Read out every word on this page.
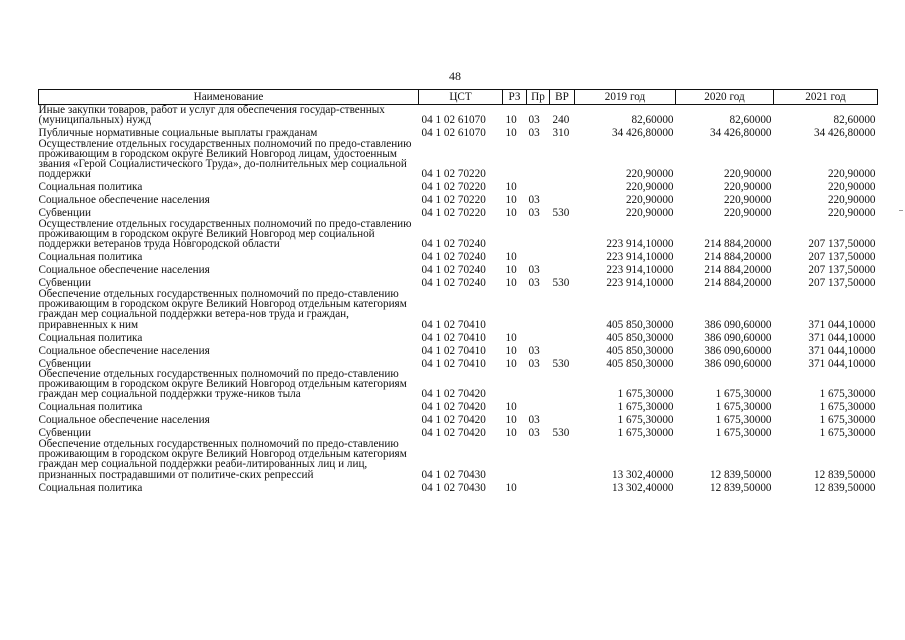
48
Наименование	ЦСТ	РЗ	Пр	ВР	2019 год	2020 год	2021 год
Иные закупки товаров, работ и услуг для обеспечения государ-ственных (муниципальных) нужд	04 1 02 61070	10	03	240	82,60000	82,60000	82,60000
Публичные нормативные социальные выплаты гражданам	04 1 02 61070	10	03	310	34 426,80000	34 426,80000	34 426,80000
Осуществление отдельных государственных полномочий по предо-ставлению проживающим в городском округе Великий Новгород лицам, удостоенным звания «Герой Социалистического Труда», до-полнительных мер социальной поддержки	04 1 02 70220				220,90000	220,90000	220,90000
Социальная политика	04 1 02 70220	10			220,90000	220,90000	220,90000
Социальное обеспечение населения	04 1 02 70220	10	03		220,90000	220,90000	220,90000
Субвенции	04 1 02 70220	10	03	530	220,90000	220,90000	220,90000
Осуществление отдельных государственных полномочий по предо-ставлению проживающим в городском округе Великий Новгород мер социальной поддержки ветеранов труда Новгородской области	04 1 02 70240				223 914,10000	214 884,20000	207 137,50000
Социальная политика	04 1 02 70240	10			223 914,10000	214 884,20000	207 137,50000
Социальное обеспечение населения	04 1 02 70240	10	03		223 914,10000	214 884,20000	207 137,50000
Субвенции	04 1 02 70240	10	03	530	223 914,10000	214 884,20000	207 137,50000
Обеспечение отдельных государственных полномочий по предо-ставлению проживающим в городском округе Великий Новгород отдельным категориям граждан мер социальной поддержки ветера-нов труда и граждан, приравненных к ним	04 1 02 70410				405 850,30000	386 090,60000	371 044,10000
Социальная политика	04 1 02 70410	10			405 850,30000	386 090,60000	371 044,10000
Социальное обеспечение населения	04 1 02 70410	10	03		405 850,30000	386 090,60000	371 044,10000
Субвенции	04 1 02 70410	10	03	530	405 850,30000	386 090,60000	371 044,10000
Обеспечение отдельных государственных полномочий по предо-ставлению проживающим в городском округе Великий Новгород отдельным категориям граждан мер социальной поддержки труже-ников тыла	04 1 02 70420				1 675,30000	1 675,30000	1 675,30000
Социальная политика	04 1 02 70420	10			1 675,30000	1 675,30000	1 675,30000
Социальное обеспечение населения	04 1 02 70420	10	03		1 675,30000	1 675,30000	1 675,30000
Субвенции	04 1 02 70420	10	03	530	1 675,30000	1 675,30000	1 675,30000
Обеспечение отдельных государственных полномочий по предо-ставлению проживающим в городском округе Великий Новгород отдельным категориям граждан мер социальной поддержки реаби-литированных лиц и лиц, признанных пострадавшими от политиче-ских репрессий	04 1 02 70430				13 302,40000	12 839,50000	12 839,50000
Социальная политика	04 1 02 70430	10			13 302,40000	12 839,50000	12 839,50000
